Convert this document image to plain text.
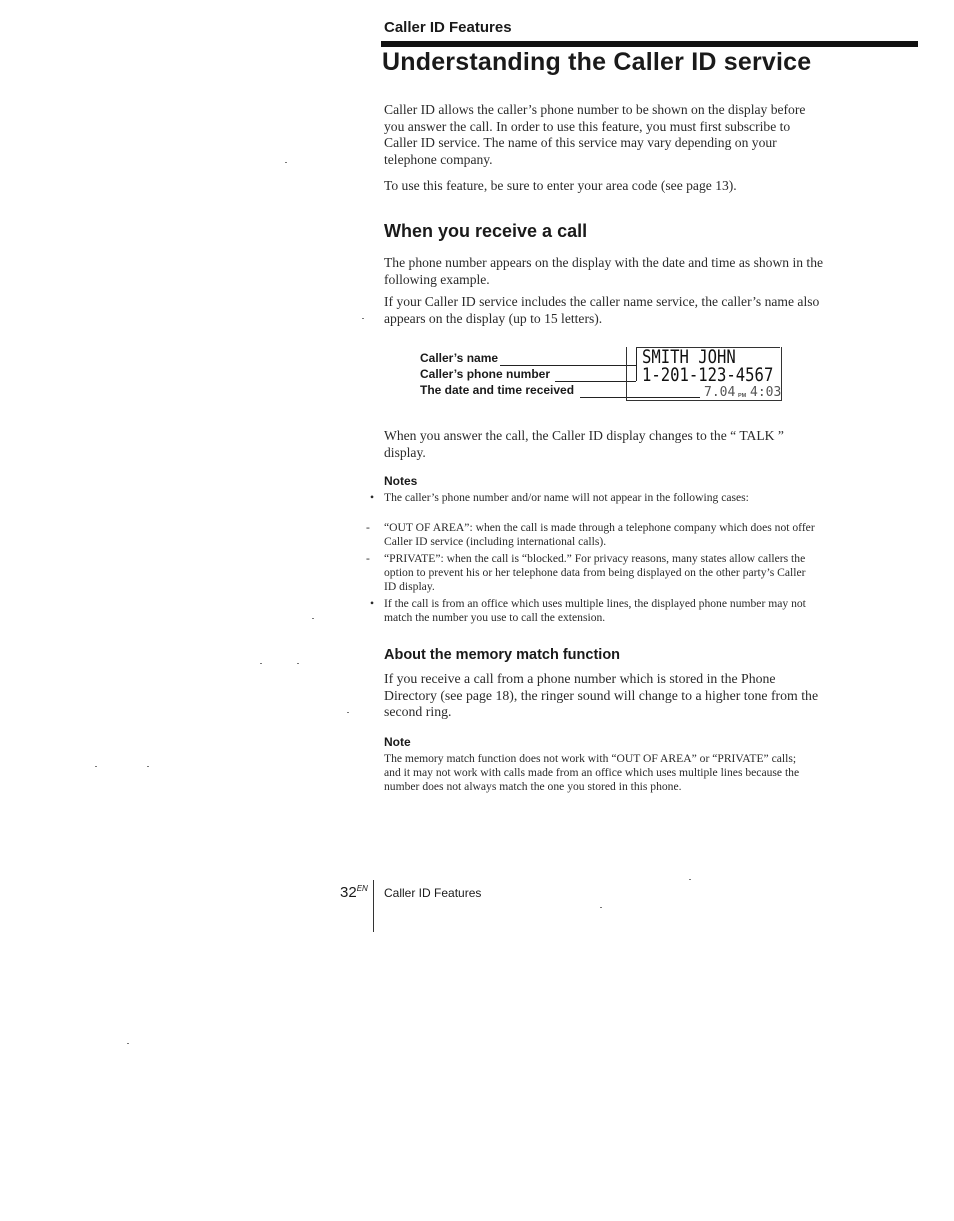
Caller ID Features
Understanding the Caller ID service

Caller ID allows the caller’s phone number to be shown on the display before you answer the call. In order to use this feature, you must first subscribe to Caller ID service. The name of this service may vary depending on your telephone company.

To use this feature, be sure to enter your area code (see page 13).

When you receive a call

The phone number appears on the display with the date and time as shown in the following example.

If your Caller ID service includes the caller name service, the caller’s name also appears on the display (up to 15 letters).

Caller’s name
Caller’s phone number
The date and time received
SMITH JOHN
1-201-123-4567
7.04 PM 4:03

When you answer the call, the Caller ID display changes to the “ TALK ” display.

Notes
• The caller’s phone number and/or name will not appear in the following cases:
- “OUT OF AREA”: when the call is made through a telephone company which does not offer Caller ID service (including international calls).
- “PRIVATE”: when the call is “blocked.” For privacy reasons, many states allow callers the option to prevent his or her telephone data from being displayed on the other party’s Caller ID display.
• If the call is from an office which uses multiple lines, the displayed phone number may not match the number you use to call the extension.
About the memory match function

If you receive a call from a phone number which is stored in the Phone Directory (see page 18), the ringer sound will change to a higher tone from the second ring.

Note

The memory match function does not work with “OUT OF AREA” or “PRIVATE” calls; and it may not work with calls made from an office which uses multiple lines because the number does not always match the one you stored in this phone.

$32^{EN}$ Caller ID Features
